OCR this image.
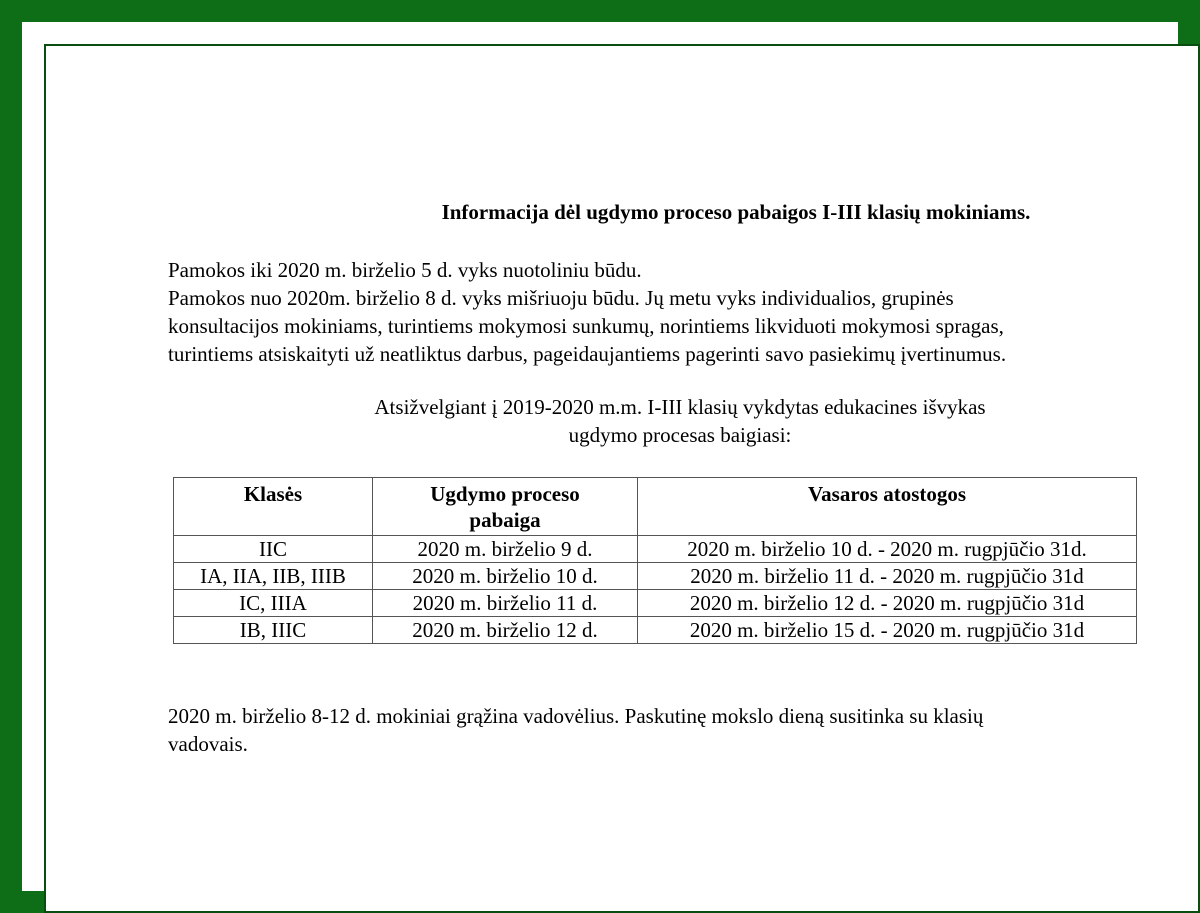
Informacija dėl ugdymo proceso pabaigos I-III klasių mokiniams.

Pamokos iki 2020 m. birželio 5 d. vyks nuotoliniu būdu.
Pamokos nuo 2020m. birželio 8 d. vyks mišriuoju būdu. Jų metu vyks individualios, grupinės
konsultacijos mokiniams, turintiems mokymosi sunkumų, norintiems likviduoti mokymosi spragas,
turintiems atsiskaityti už neatliktus darbus, pageidaujantiems pagerinti savo pasiekimų įvertinumus.

Atsižvelgiant į 2019-2020 m.m. I-III klasių vykdytas edukacines išvykas
ugdymo procesas baigiasi:

Klasės	Ugdymo proceso pabaiga	Vasaros atostogos
IIC	2020 m. birželio 9 d.	2020 m. birželio 10 d. - 2020 m. rugpjūčio 31d.
IA, IIA, IIB, IIIB	2020 m. birželio 10 d.	2020 m. birželio 11 d. - 2020 m. rugpjūčio 31d
IC, IIIA	2020 m. birželio 11 d.	2020 m. birželio 12 d. - 2020 m. rugpjūčio 31d
IB, IIIC	2020 m. birželio 12 d.	2020 m. birželio 15 d. - 2020 m. rugpjūčio 31d

2020 m. birželio 8-12 d. mokiniai grąžina vadovėlius. Paskutinę mokslo dieną susitinka su klasių
vadovais.
